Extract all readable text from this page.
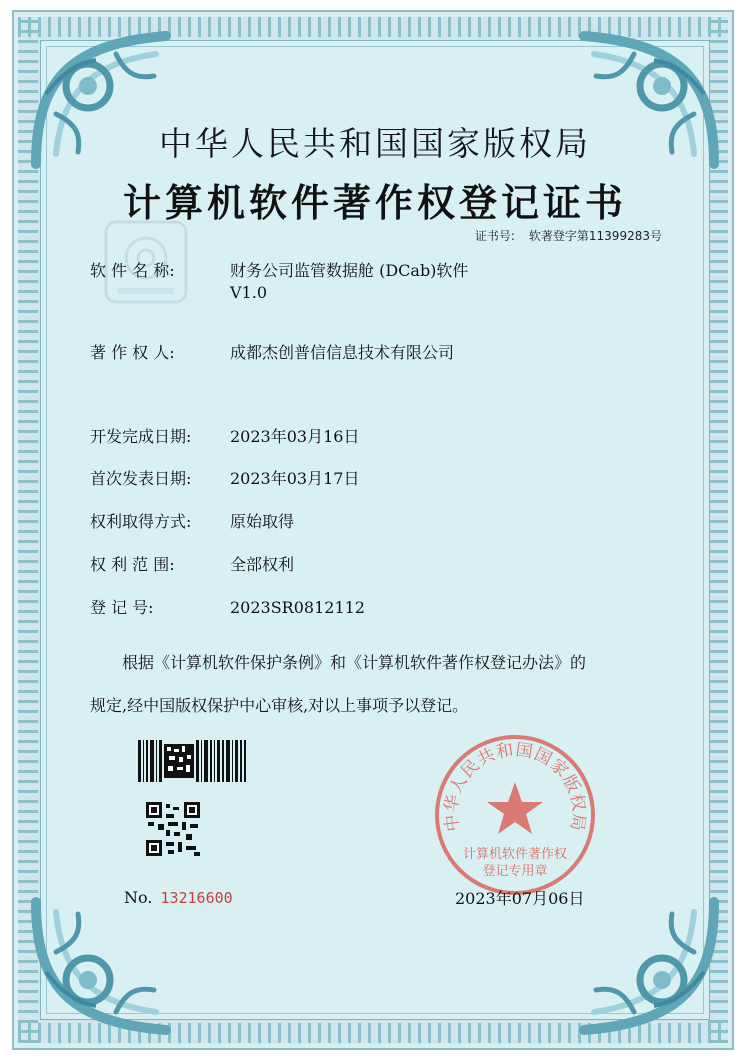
中华人民共和国国家版权局
计算机软件著作权登记证书
证书号: 软著登字第11399283号
软 件 名 称:	财务公司监管数据舱 (DCab)软件
V1.0
著 作 权 人:	成都杰创普信信息技术有限公司
开发完成日期:	2023年03月16日
首次发表日期:	2023年03月17日
权利取得方式:	原始取得
权 利 范 围:	全部权利
登 记 号:	2023SR0812112
根据《计算机软件保护条例》和《计算机软件著作权登记办法》的
规定,经中国版权保护中心审核,对以上事项予以登记。
No. 13216600
中华人民共和国国家版权局
计算机软件著作权
登记专用章
2023年07月06日
